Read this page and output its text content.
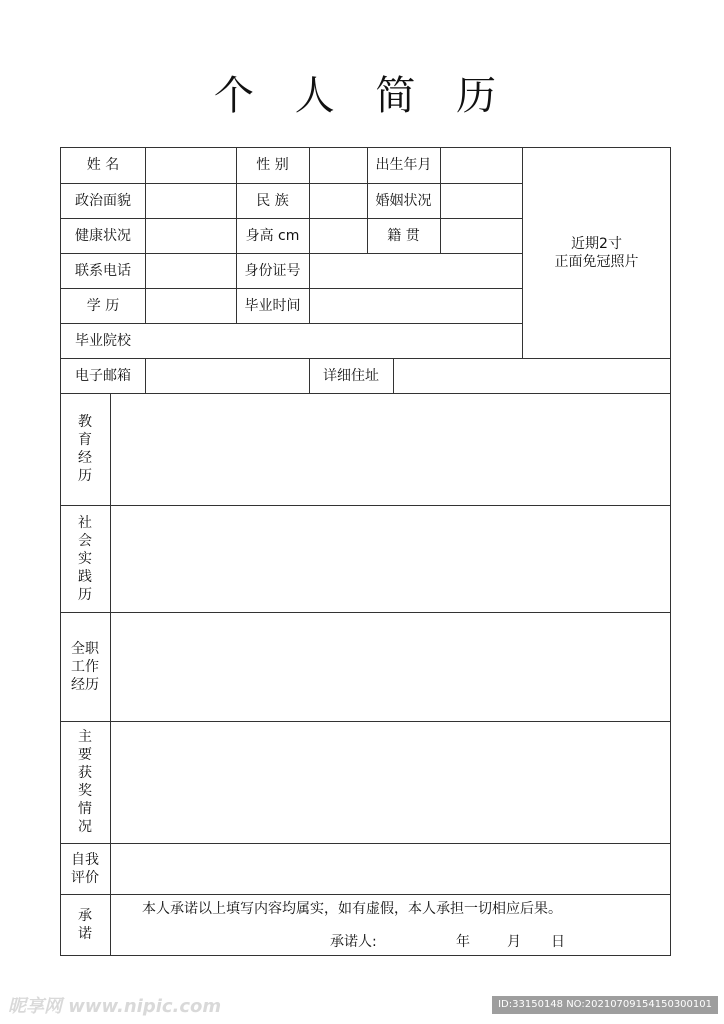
个 人 简 历
姓 名	性 别	出生年月
政治面貌	民 族	婚姻状况
健康状况	身高 cm	籍 贯
联系电话	身份证号
学 历	毕业时间
毕业院校
近期2寸
正面免冠照片
电子邮箱	详细住址
教
育
经
历
社
会
实
践
历
全职
工作
经历
主
要
获
奖
情
况
自我
评价
承
诺
本人承诺以上填写内容均属实，如有虚假，本人承担一切相应后果。
承诺人:	年	月 日
昵享网 www.nipic.com	ID:33150148 NO:20210709154150300101
